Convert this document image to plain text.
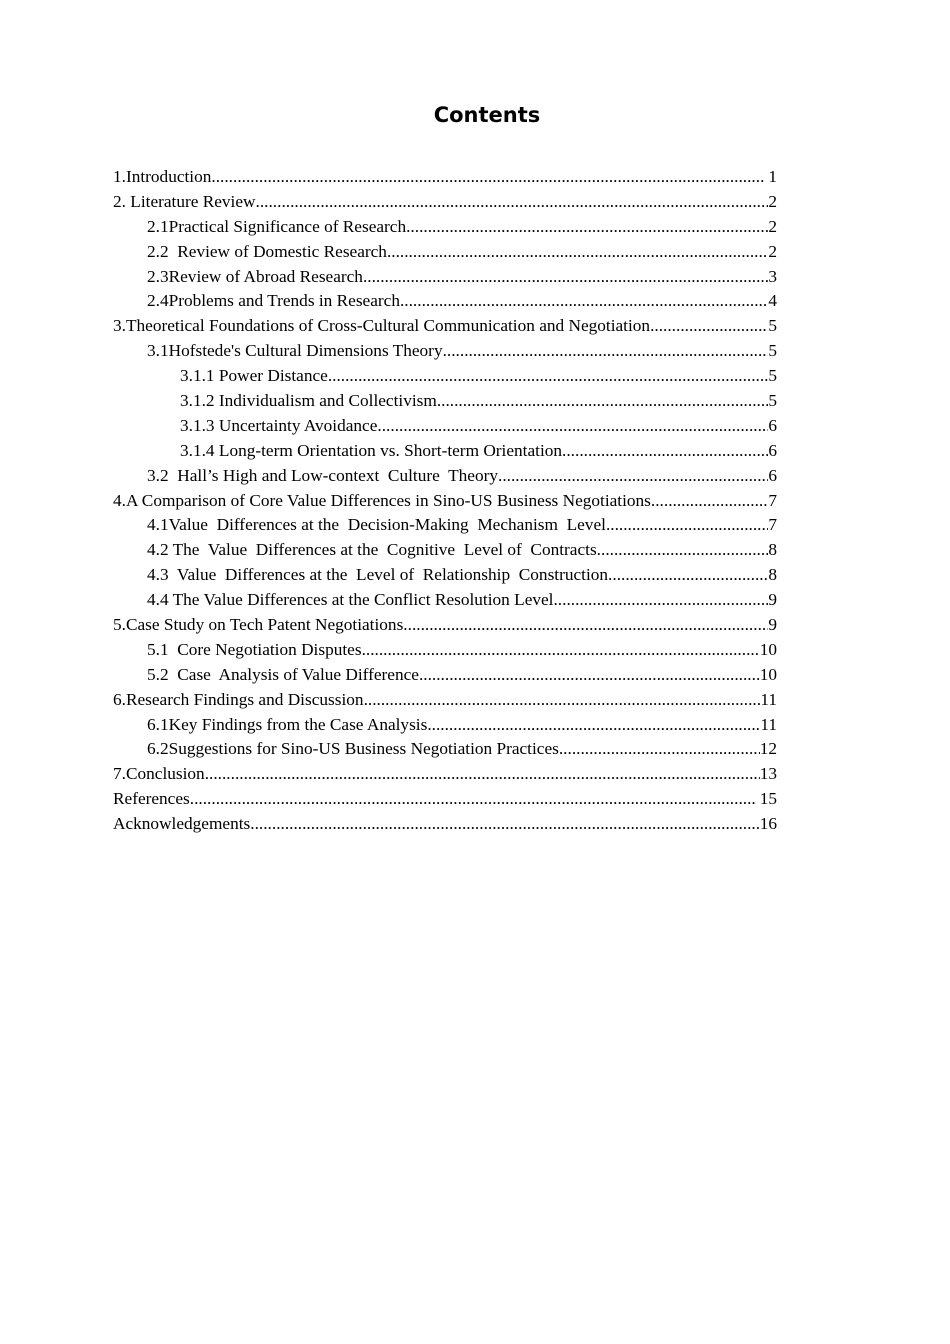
Contents
1.Introduction .....	1
2. Literature Review .....	2
2.1Practical Significance of Research .....	2
2.2  Review of Domestic Research .....	2
2.3Review of Abroad Research .....	3
2.4Problems and Trends in Research .....	4
3.Theoretical Foundations of Cross-Cultural Communication and Negotiation .....	5
3.1Hofstede's Cultural Dimensions Theory .....	5
3.1.1 Power Distance .....	5
3.1.2 Individualism and Collectivism .....	5
3.1.3 Uncertainty Avoidance .....	6
3.1.4 Long-term Orientation vs. Short-term Orientation .....	6
3.2  Hall’s High and Low-context  Culture  Theory .....	6
4.A Comparison of Core Value Differences in Sino-US Business Negotiations .....	7
4.1Value  Differences at the  Decision-Making  Mechanism  Level .....	7
4.2 The  Value  Differences at the  Cognitive  Level of  Contracts .....	8
4.3  Value  Differences at the  Level of  Relationship  Construction .....	8
4.4 The Value Differences at the Conflict Resolution Level .....	9
5.Case Study on Tech Patent Negotiations .....	9
5.1  Core Negotiation Disputes .....	10
5.2  Case  Analysis of Value Difference .....	10
6.Research Findings and Discussion .....	11
6.1Key Findings from the Case Analysis .....	11
6.2Suggestions for Sino-US Business Negotiation Practices .....	12
7.Conclusion .....	13
References .....	15
Acknowledgements .....	16
